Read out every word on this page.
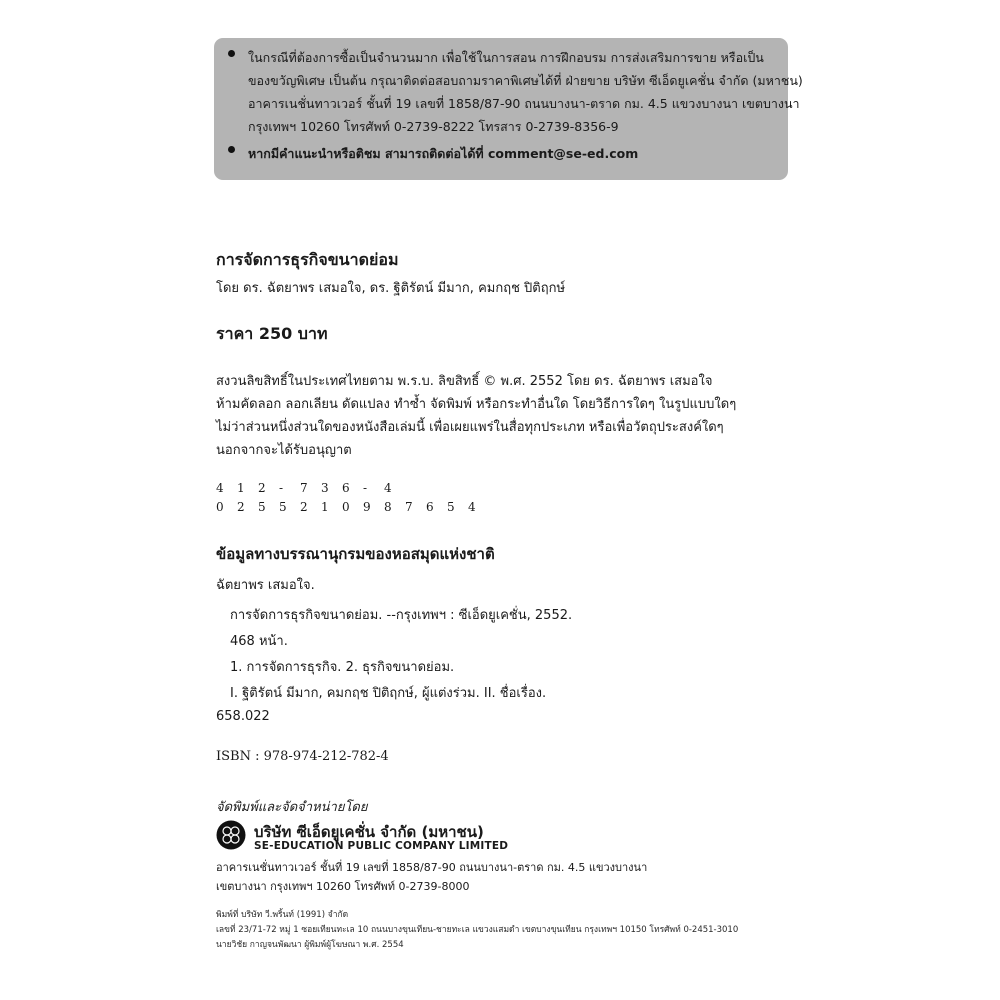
ในกรณีที่ต้องการซื้อเป็นจำนวนมาก เพื่อใช้ในการสอน การฝึกอบรม การส่งเสริมการขาย หรือเป็น
ของขวัญพิเศษ เป็นต้น กรุณาติดต่อสอบถามราคาพิเศษได้ที่ ฝ่ายขาย บริษัท ซีเอ็ดยูเคชั่น จำกัด (มหาชน)
อาคารเนชั่นทาวเวอร์ ชั้นที่ 19 เลขที่ 1858/87-90 ถนนบางนา-ตราด กม. 4.5 แขวงบางนา เขตบางนา
กรุงเทพฯ 10260 โทรศัพท์ 0-2739-8222 โทรสาร 0-2739-8356-9
หากมีคำแนะนำหรือติชม สามารถติดต่อได้ที่ comment@se-ed.com
การจัดการธุรกิจขนาดย่อม
โดย ดร. ฉัตยาพร เสมอใจ, ดร. ฐิติรัตน์ มีมาก, คมกฤช ปิติฤกษ์
ราคา 250 บาท
สงวนลิขสิทธิ์ในประเทศไทยตาม พ.ร.บ. ลิขสิทธิ์ © พ.ศ. 2552 โดย ดร. ฉัตยาพร เสมอใจ
ห้ามคัดลอก ลอกเลียน ดัดแปลง ทำซ้ำ จัดพิมพ์ หรือกระทำอื่นใด โดยวิธีการใดๆ ในรูปแบบใดๆ
ไม่ว่าส่วนหนึ่งส่วนใดของหนังสือเล่มนี้ เพื่อเผยแพร่ในสื่อทุกประเภท หรือเพื่อวัตถุประสงค์ใดๆ
นอกจากจะได้รับอนุญาต
4 1 2 - 7 3 6 - 4
0 2 5 5 2 1 0 9 8 7 6 5 4
ข้อมูลทางบรรณานุกรมของหอสมุดแห่งชาติ
ฉัตยาพร เสมอใจ.
การจัดการธุรกิจขนาดย่อม. --กรุงเทพฯ : ซีเอ็ดยูเคชั่น, 2552.
468 หน้า.
1. การจัดการธุรกิจ. 2. ธุรกิจขนาดย่อม.
I. ฐิติรัตน์ มีมาก, คมกฤช ปิติฤกษ์, ผู้แต่งร่วม. II. ชื่อเรื่อง.
658.022
ISBN : 978-974-212-782-4
จัดพิมพ์และจัดจำหน่ายโดย
บริษัท ซีเอ็ดยูเคชั่น จำกัด (มหาชน)
SE-EDUCATION PUBLIC COMPANY LIMITED
อาคารเนชั่นทาวเวอร์ ชั้นที่ 19 เลขที่ 1858/87-90 ถนนบางนา-ตราด กม. 4.5 แขวงบางนา
เขตบางนา กรุงเทพฯ 10260 โทรศัพท์ 0-2739-8000
พิมพ์ที่ บริษัท วี.พริ้นท์ (1991) จำกัด
เลขที่ 23/71-72 หมู่ 1 ซอยเทียนทะเล 10 ถนนบางขุนเทียน-ชายทะเล แขวงแสมดำ เขตบางขุนเทียน กรุงเทพฯ 10150 โทรศัพท์ 0-2451-3010
นายวิชัย กาญจนพัฒนา ผู้พิมพ์ผู้โฆษณา พ.ศ. 2554
